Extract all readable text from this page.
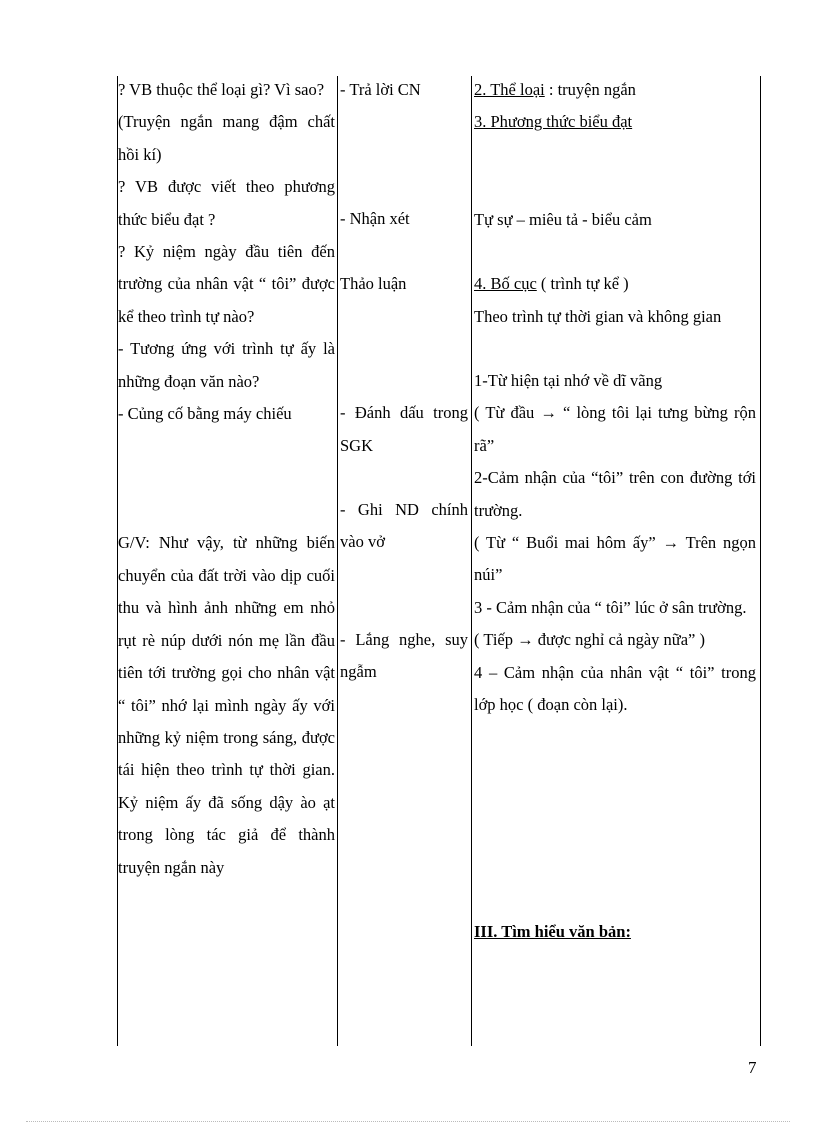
? VB thuộc thể loại gì? Vì sao?

(Truyện ngắn mang đậm chất hồi kí)

? VB được viết theo phương thức biểu đạt ?

? Kỷ niệm ngày đầu tiên đến trường của nhân vật “ tôi” được kể theo trình tự nào?

- Tương ứng với trình tự ấy là những đoạn văn nào?

- Củng cố bằng máy chiếu

G/V: Như vậy, từ những biến chuyển của đất trời vào dịp cuối thu và hình ảnh những em nhỏ rụt rè núp dưới nón mẹ lần đầu tiên tới trường gọi cho nhân vật “ tôi” nhớ lại mình ngày ấy với những kỷ niệm trong sáng, được tái hiện theo trình tự thời gian. Kỷ niệm ấy đã sống dậy ào ạt trong lòng tác giả để thành truyện ngắn này

- Trả lời CN

- Nhận xét

Thảo luận

- Đánh dấu trong SGK

- Ghi ND chính vào vở

- Lắng nghe, suy ngẫm

2. Thể loại : truyện ngắn

3. Phương thức biểu đạt

Tự sự – miêu tả - biểu cảm

4. Bố cục ( trình tự kể )

Theo trình tự thời gian và không gian

1-Từ hiện tại nhớ về dĩ vãng

( Từ đầu → “ lòng tôi lại tưng bừng rộn rã”

2-Cảm nhận của “tôi” trên con đường tới trường.

( Từ “ Buổi mai hôm ấy” → Trên ngọn núi”

3 - Cảm nhận của “ tôi” lúc ở sân trường.

( Tiếp → được nghỉ cả ngày nữa” )

4 – Cảm nhận của nhân vật “ tôi” trong lớp học ( đoạn còn lại).

III. Tìm hiểu văn bản:

7
